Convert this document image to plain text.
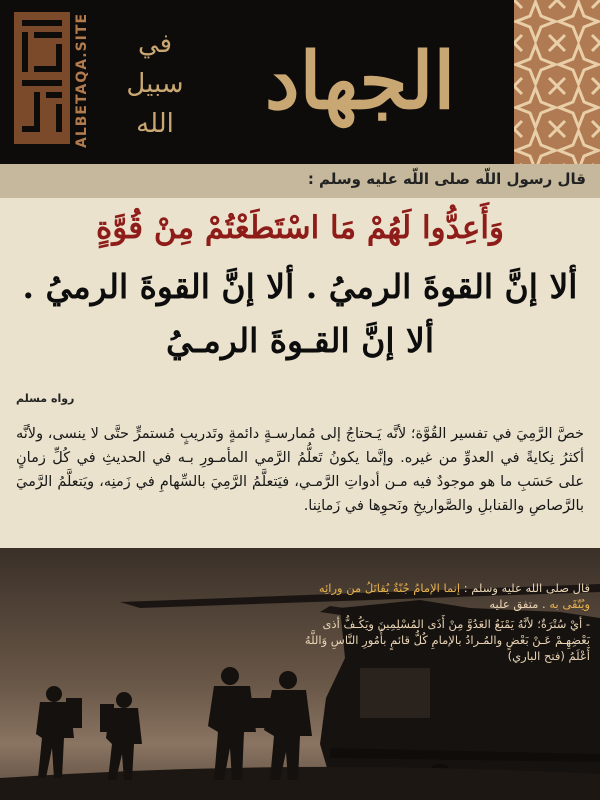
ALBETAQA.SITE	في
سبيل
الله	الجهاد
قال رسول اللّه صلى اللّه عليه وسلم :
وَأَعِدُّوا لَهُمْ مَا اسْتَطَعْتُمْ مِنْ قُوَّةٍ
ألا إنَّ القوةَ الرميُ . ألا إنَّ القوةَ الرميُ . ألا إنَّ القـوةَ الرمـيُ
رواه مسلم
خصَّ الرَّمِيَ في تفسير القُوَّة؛ لأنَّه يَـحتاجُ إلى مُمارسـةٍ دائمةٍ وتَدريبٍ مُستمرٍّ حتَّى لا ينسى، ولأنَّه أكثرُ نِكايةً في العدوِّ من غيره. وإنَّما يكونُ تَعلُّمُ الرَّمي المأمـورِ بـه في الحديثِ في كُلِّ زمانٍ على حَسَبِ ما هو موجودٌ فيه مـن أدواتِ الرَّمـي، فيَتعلَّمُ الرَّمِيَ بالسِّهامِ في زَمنِه، ويَتعلَّمُ الرَّميَ بالرَّصاصِ والقنابلِ والصَّواريخِ ونَحوِها في زَمانِنا.
قال صلى الله عليه وسلم : إنما الإمامُ جُنّةٌ يُقاتَلُ من ورائِه ويُتّقَى به . متفق عليه
- أيْ سُتْرَةٌ؛ لأنَّهُ يَمْنَعُ العَدُوَّ مِنْ أَذَى المُسْلِمِينَ ويَكُـفُّ أذى بَعْضِهِـمْ عَـنْ بَعْضٍ والمُـرادُ بالإمامِ كُلُّ قائمٍ بأُمُورِ النَّاسِ وَاللَّهُ أَعْلَمُ (فتح الباري)
